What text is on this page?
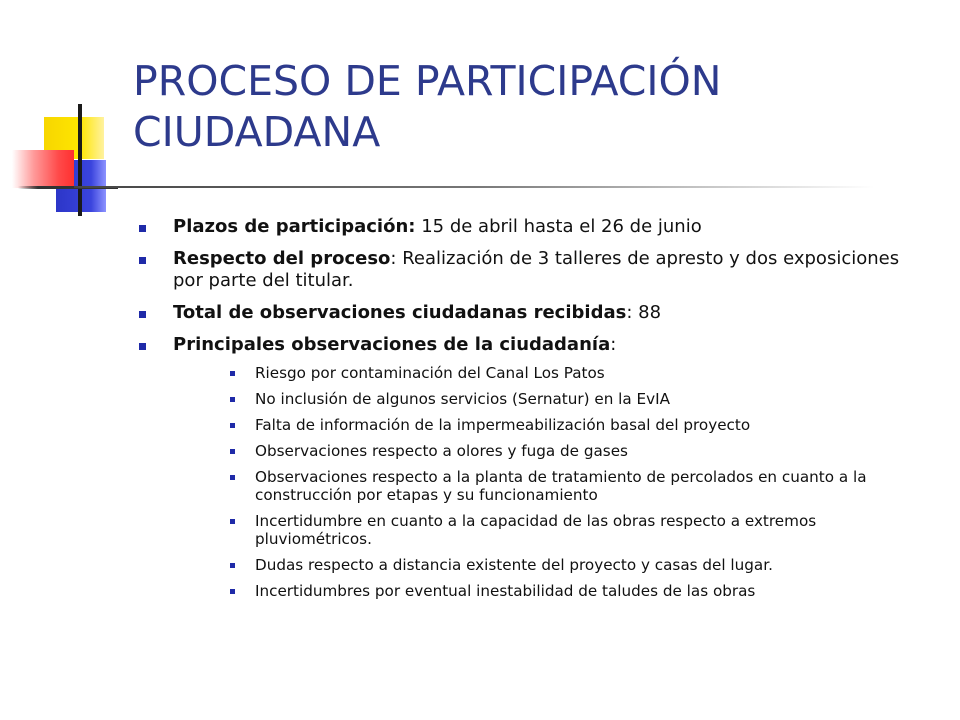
PROCESO DE PARTICIPACIÓN
CIUDADANA
Plazos de participación: 15 de abril hasta el 26 de junio
Respecto del proceso: Realización de 3 talleres de apresto y dos exposiciones por parte del titular.
Total de observaciones ciudadanas recibidas: 88
Principales observaciones de la ciudadanía:
Riesgo por contaminación del Canal Los Patos
No inclusión de algunos servicios (Sernatur) en la EvIA
Falta de información de la impermeabilización basal del proyecto
Observaciones respecto a olores y fuga de gases
Observaciones respecto a la planta de tratamiento de percolados en cuanto a la construcción por etapas y su funcionamiento
Incertidumbre en cuanto a la capacidad de las obras respecto a extremos pluviométricos.
Dudas respecto a distancia existente del proyecto y casas del lugar.
Incertidumbres por eventual inestabilidad de taludes de las obras
